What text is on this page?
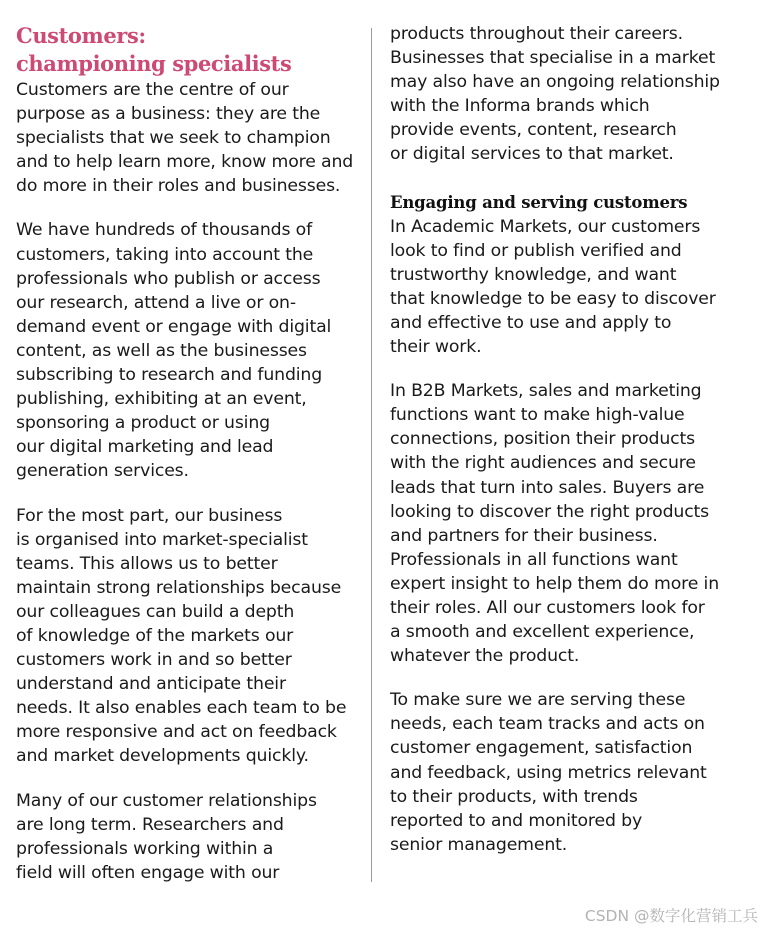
Customers:
championing specialists

Customers are the centre of our
purpose as a business: they are the
specialists that we seek to champion
and to help learn more, know more and
do more in their roles and businesses.

We have hundreds of thousands of
customers, taking into account the
professionals who publish or access
our research, attend a live or on-
demand event or engage with digital
content, as well as the businesses
subscribing to research and funding
publishing, exhibiting at an event,
sponsoring a product or using
our digital marketing and lead
generation services.

For the most part, our business
is organised into market-specialist
teams. This allows us to better
maintain strong relationships because
our colleagues can build a depth
of knowledge of the markets our
customers work in and so better
understand and anticipate their
needs. It also enables each team to be
more responsive and act on feedback
and market developments quickly.

Many of our customer relationships
are long term. Researchers and
professionals working within a
field will often engage with our

products throughout their careers.
Businesses that specialise in a market
may also have an ongoing relationship
with the Informa brands which
provide events, content, research
or digital services to that market.

Engaging and serving customers

In Academic Markets, our customers
look to find or publish verified and
trustworthy knowledge, and want
that knowledge to be easy to discover
and effective to use and apply to
their work.

In B2B Markets, sales and marketing
functions want to make high-value
connections, position their products
with the right audiences and secure
leads that turn into sales. Buyers are
looking to discover the right products
and partners for their business.
Professionals in all functions want
expert insight to help them do more in
their roles. All our customers look for
a smooth and excellent experience,
whatever the product.

To make sure we are serving these
needs, each team tracks and acts on
customer engagement, satisfaction
and feedback, using metrics relevant
to their products, with trends
reported to and monitored by
senior management.

CSDN @数字化营销工兵
